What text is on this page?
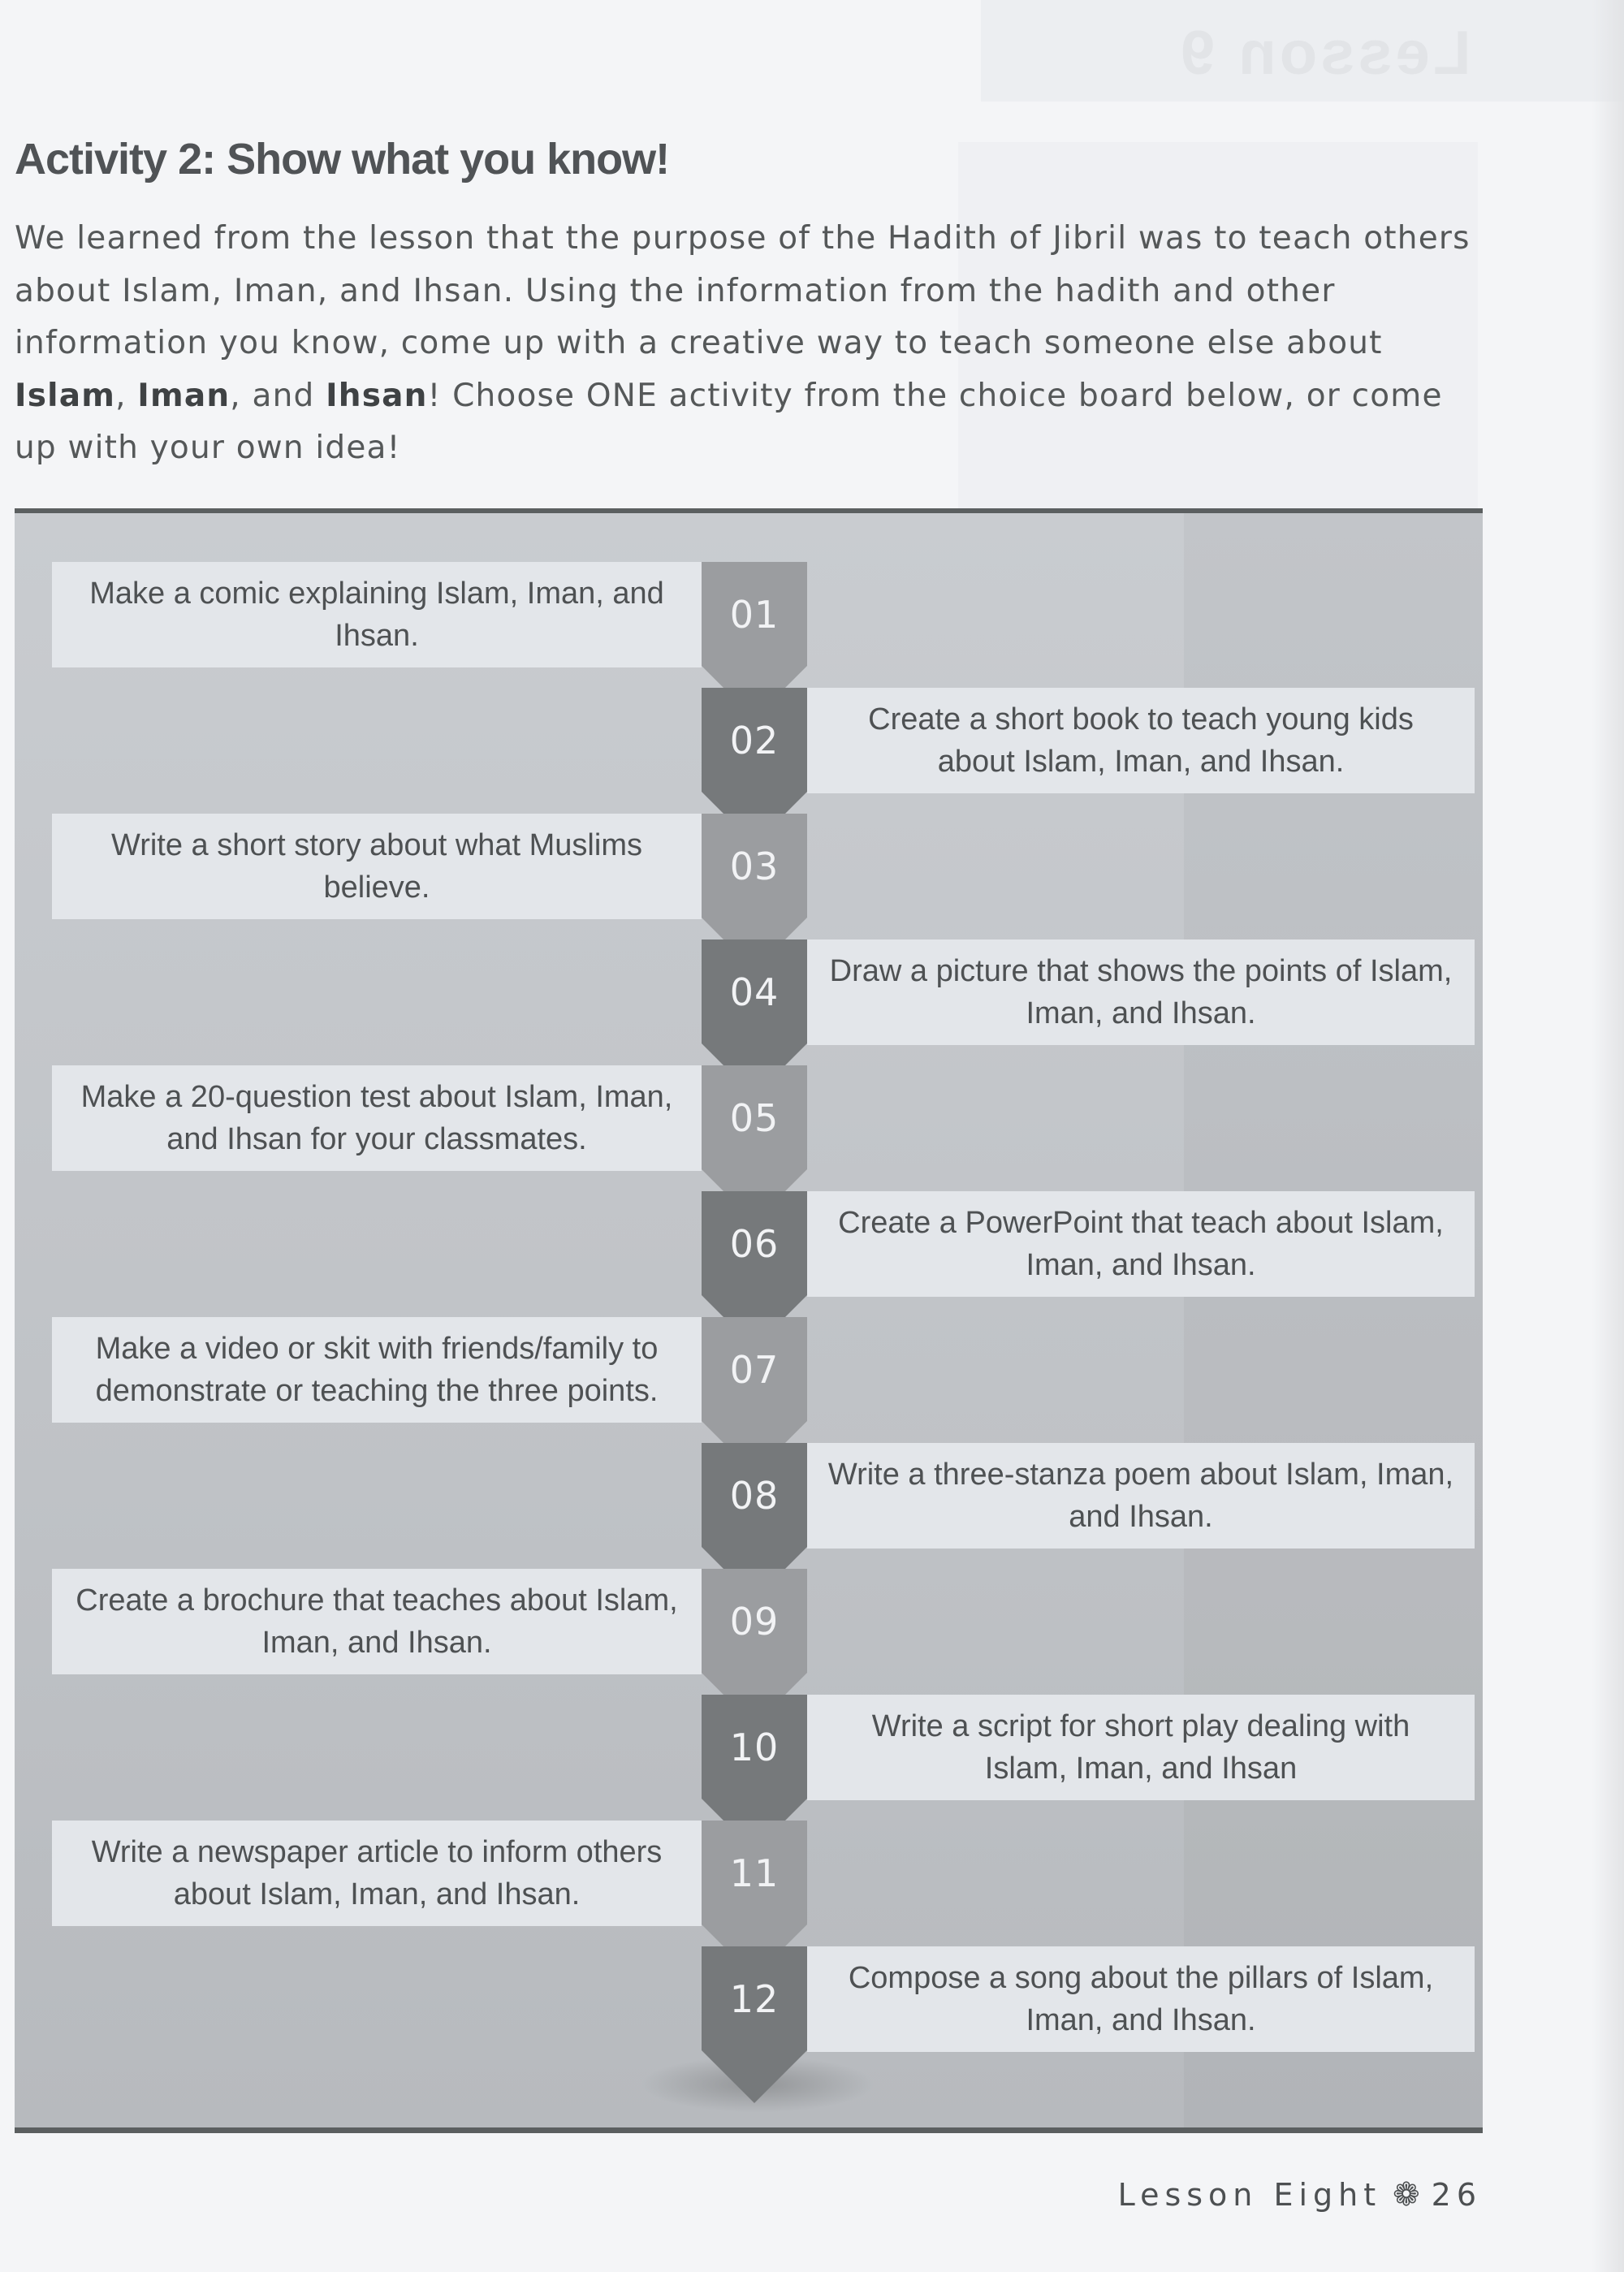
Lesson 9
Activity 2: Show what you know!

We learned from the lesson that the purpose of the Hadith of Jibril was to teach others about Islam, Iman, and Ihsan. Using the information from the hadith and other information you know, come up with a creative way to teach someone else about Islam, Iman, and Ihsan! Choose ONE activity from the choice board below, or come up with your own idea!

Make a comic explaining Islam, Iman, and Ihsan.
Create a short book to teach young kids about Islam, Iman, and Ihsan.
Write a short story about what Muslims believe.
Draw a picture that shows the points of Islam, Iman, and Ihsan.
Make a 20-question test about Islam, Iman, and Ihsan for your classmates.
Create a PowerPoint that teach about Islam, Iman, and Ihsan.
Make a video or skit with friends/family to demonstrate or teaching the three points.
Write a three-stanza poem about Islam, Iman, and Ihsan.
Create a brochure that teaches about Islam, Iman, and Ihsan.
Write a script for short play dealing with Islam, Iman, and Ihsan
Write a newspaper article to inform others about Islam, Iman, and Ihsan.
Compose a song about the pillars of Islam, Iman, and Ihsan.
01
02
03
04
05
06
07
08
09
10
11
12
Lesson Eight ❁ 26
